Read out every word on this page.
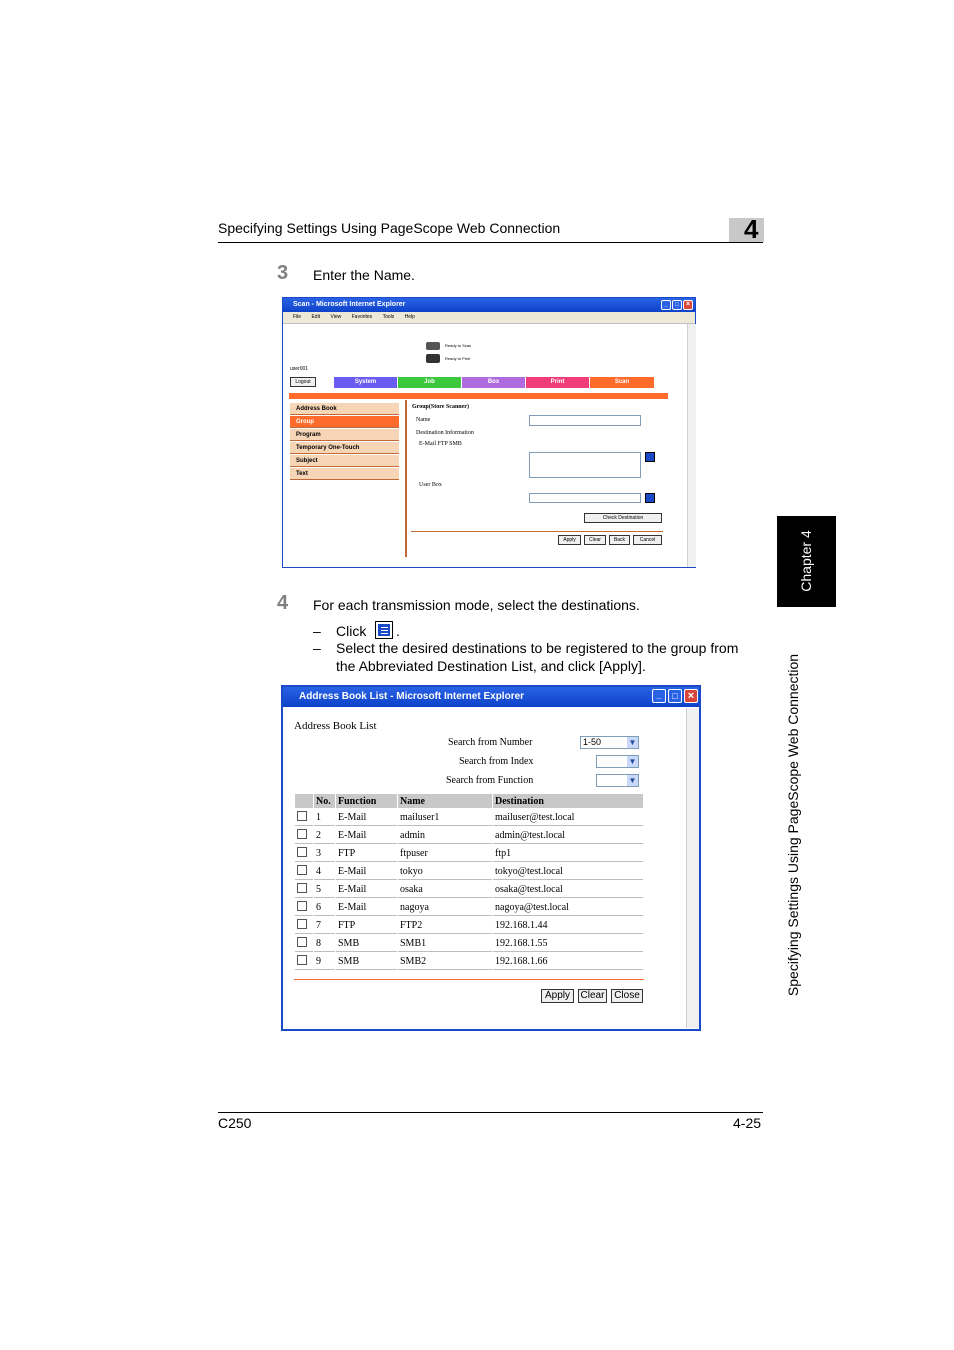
Specifying Settings Using PageScope Web Connection	4
Chapter 4
Specifying Settings Using PageScope Web Connection
3 Enter the Name.
Scan - Microsoft Internet Explorer	_	□	×
File Edit View Favorites Tools Help
Ready to Scan
Ready to Print
user001
Logout	System	Job	Box	Print	Scan
Address Book
Group
Program
Temporary One-Touch
Subject
Text
Group(Store Scanner)
Name
Destination Information
E-Mail FTP SMB
User Box
Check Destination
Apply	Clear	Back	Cancel
4 For each transmission mode, select the destinations.
– Click .
– Select the desired destinations to be registered to the group from
the Abbreviated Destination List, and click [Apply].
Address Book List - Microsoft Internet Explorer	_	□ ×
Address Book List
Search from Number	1-50	▼
Search from Index	▼
Search from Function	▼
	No.	Function	Name	Destination
	1	E-Mail	mailuser1	mailuser@test.local
	2	E-Mail	admin	admin@test.local
	3	FTP	ftpuser	ftp1
	4	E-Mail	tokyo	tokyo@test.local
	5	E-Mail	osaka	osaka@test.local
	6	E-Mail	nagoya	nagoya@test.local
	7	FTP	FTP2	192.168.1.44
	8	SMB	SMB1	192.168.1.55
	9	SMB	SMB2	192.168.1.66
Apply	Clear Close
C250	4-25
